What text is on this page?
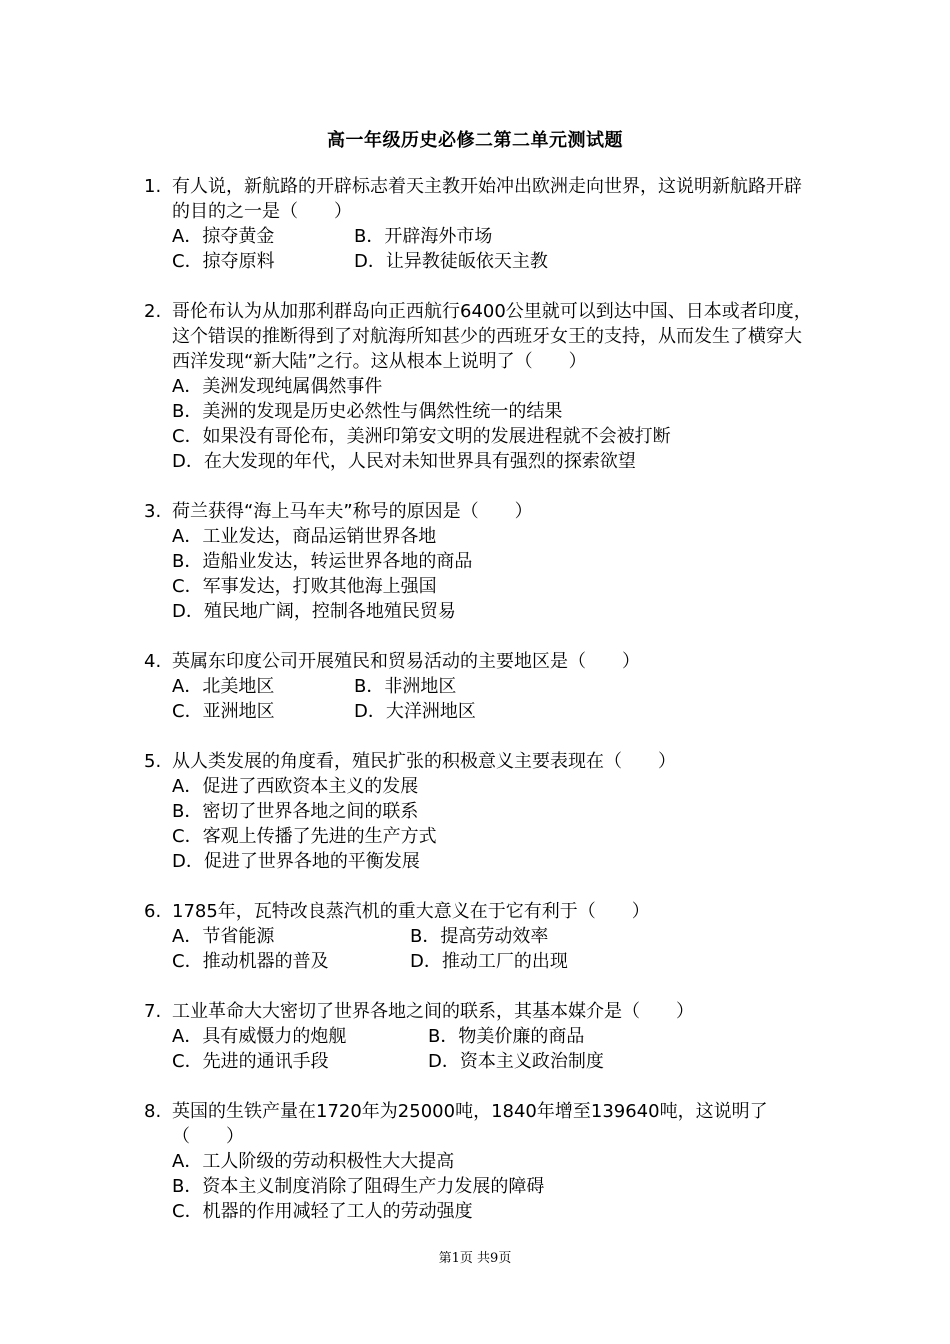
高一年级历史必修二第二单元测试题
1. 有人说，新航路的开辟标志着天主教开始冲出欧洲走向世界，这说明新航路开辟的目的之一是（　　）
A．掠夺黄金	B．开辟海外市场
C．掠夺原料	D．让异教徒皈依天主教
2. 哥伦布认为从加那利群岛向正西航行6400公里就可以到达中国、日本或者印度，这个错误的推断得到了对航海所知甚少的西班牙女王的支持，从而发生了横穿大西洋发现“新大陆”之行。这从根本上说明了（　　）
A．美洲发现纯属偶然事件
B．美洲的发现是历史必然性与偶然性统一的结果
C．如果没有哥伦布，美洲印第安文明的发展进程就不会被打断
D．在大发现的年代，人民对未知世界具有强烈的探索欲望
3. 荷兰获得“海上马车夫”称号的原因是（　　）
A．工业发达，商品运销世界各地
B．造船业发达，转运世界各地的商品
C．军事发达，打败其他海上强国
D．殖民地广阔，控制各地殖民贸易
4. 英属东印度公司开展殖民和贸易活动的主要地区是（　　）
A．北美地区	B．非洲地区
C．亚洲地区	D．大洋洲地区
5. 从人类发展的角度看，殖民扩张的积极意义主要表现在（　　）
A．促进了西欧资本主义的发展
B．密切了世界各地之间的联系
C．客观上传播了先进的生产方式
D．促进了世界各地的平衡发展
6. 1785年，瓦特改良蒸汽机的重大意义在于它有利于（　　）
A．节省能源	B．提高劳动效率
C．推动机器的普及	D．推动工厂的出现
7. 工业革命大大密切了世界各地之间的联系，其基本媒介是（　　）
A．具有威慑力的炮舰	B．物美价廉的商品
C．先进的通讯手段	D．资本主义政治制度
8. 英国的生铁产量在1720年为25000吨，1840年增至139640吨，这说明了（　　）
A．工人阶级的劳动积极性大大提高
B．资本主义制度消除了阻碍生产力发展的障碍
C．机器的作用减轻了工人的劳动强度
第1页 共9页
